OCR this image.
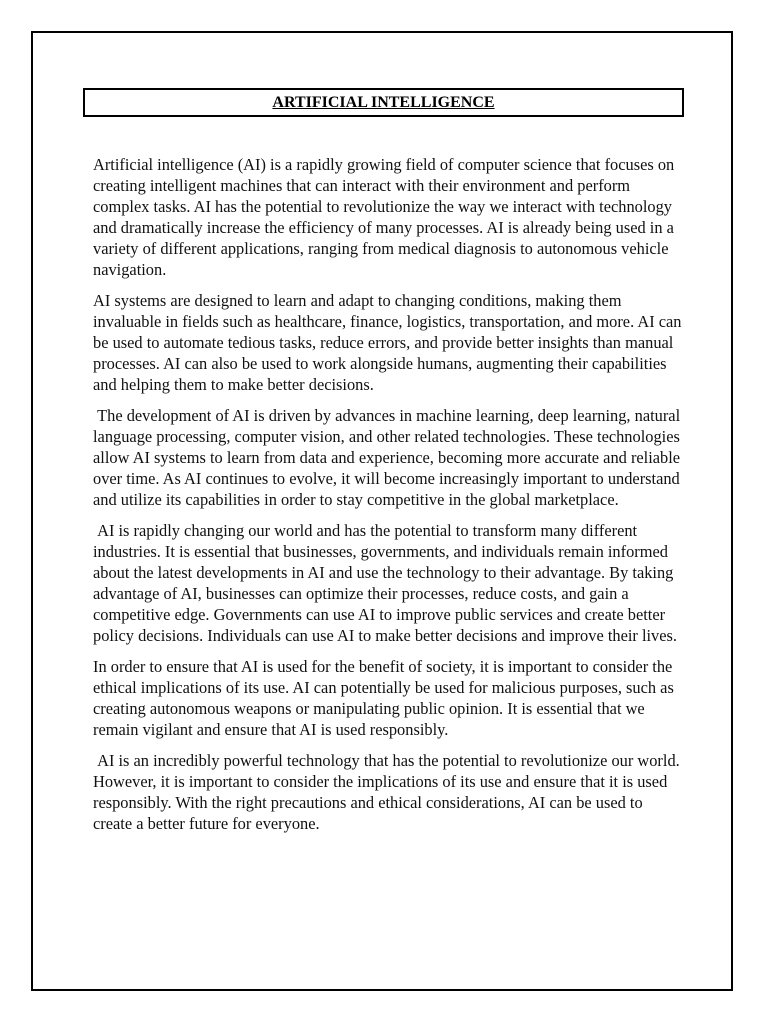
ARTIFICIAL INTELLIGENCE

Artificial intelligence (AI) is a rapidly growing field of computer science that focuses on creating intelligent machines that can interact with their environment and perform complex tasks. AI has the potential to revolutionize the way we interact with technology and dramatically increase the efficiency of many processes. AI is already being used in a variety of different applications, ranging from medical diagnosis to autonomous vehicle navigation.

AI systems are designed to learn and adapt to changing conditions, making them invaluable in fields such as healthcare, finance, logistics, transportation, and more. AI can be used to automate tedious tasks, reduce errors, and provide better insights than manual processes. AI can also be used to work alongside humans, augmenting their capabilities and helping them to make better decisions.

The development of AI is driven by advances in machine learning, deep learning, natural language processing, computer vision, and other related technologies. These technologies allow AI systems to learn from data and experience, becoming more accurate and reliable over time. As AI continues to evolve, it will become increasingly important to understand and utilize its capabilities in order to stay competitive in the global marketplace.

AI is rapidly changing our world and has the potential to transform many different industries. It is essential that businesses, governments, and individuals remain informed about the latest developments in AI and use the technology to their advantage. By taking advantage of AI, businesses can optimize their processes, reduce costs, and gain a competitive edge. Governments can use AI to improve public services and create better policy decisions. Individuals can use AI to make better decisions and improve their lives.

In order to ensure that AI is used for the benefit of society, it is important to consider the ethical implications of its use. AI can potentially be used for malicious purposes, such as creating autonomous weapons or manipulating public opinion. It is essential that we remain vigilant and ensure that AI is used responsibly.

AI is an incredibly powerful technology that has the potential to revolutionize our world. However, it is important to consider the implications of its use and ensure that it is used responsibly. With the right precautions and ethical considerations, AI can be used to create a better future for everyone.
